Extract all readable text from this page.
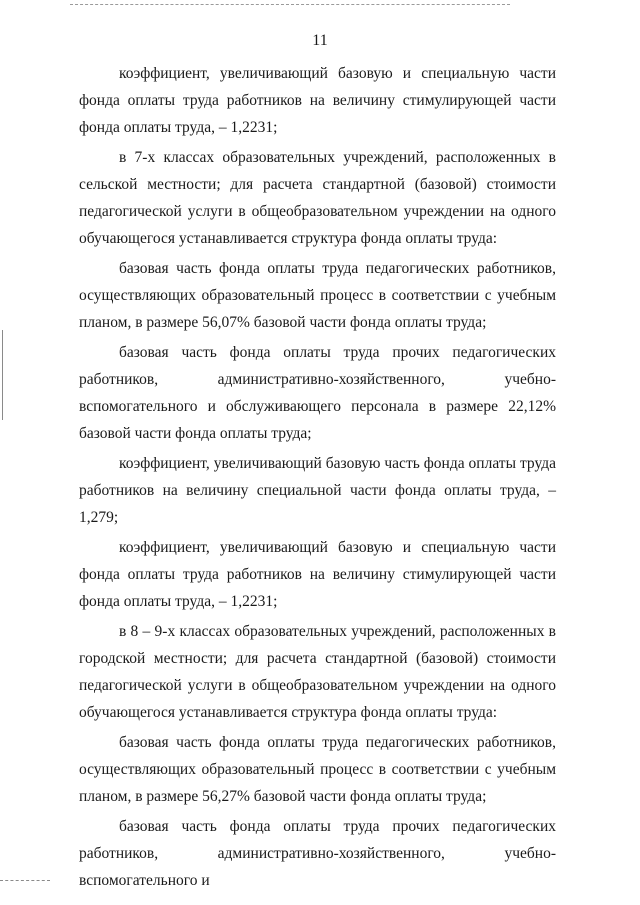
11

коэффициент, увеличивающий базовую и специальную части фонда оплаты труда работников на величину стимулирующей части фонда оплаты труда, – 1,2231;

в 7-х классах образовательных учреждений, расположенных в сельской местности; для расчета стандартной (базовой) стоимости педагогической услуги в общеобразовательном учреждении на одного обучающегося устанавливается структура фонда оплаты труда:

базовая часть фонда оплаты труда педагогических работников, осуществляющих образовательный процесс в соответствии с учебным планом, в размере 56,07% базовой части фонда оплаты труда;

базовая часть фонда оплаты труда прочих педагогических работников, административно-хозяйственного, учебно-вспомогательного и обслуживающего персонала в размере 22,12% базовой части фонда оплаты труда;

коэффициент, увеличивающий базовую часть фонда оплаты труда работников на величину специальной части фонда оплаты труда, – 1,279;

коэффициент, увеличивающий базовую и специальную части фонда оплаты труда работников на величину стимулирующей части фонда оплаты труда, – 1,2231;

в 8 – 9-х классах образовательных учреждений, расположенных в городской местности; для расчета стандартной (базовой) стоимости педагогической услуги в общеобразовательном учреждении на одного обучающегося устанавливается структура фонда оплаты труда:

базовая часть фонда оплаты труда педагогических работников, осуществляющих образовательный процесс в соответствии с учебным планом, в размере 56,27% базовой части фонда оплаты труда;

базовая часть фонда оплаты труда прочих педагогических работников, административно-хозяйственного, учебно-вспомогательного и
